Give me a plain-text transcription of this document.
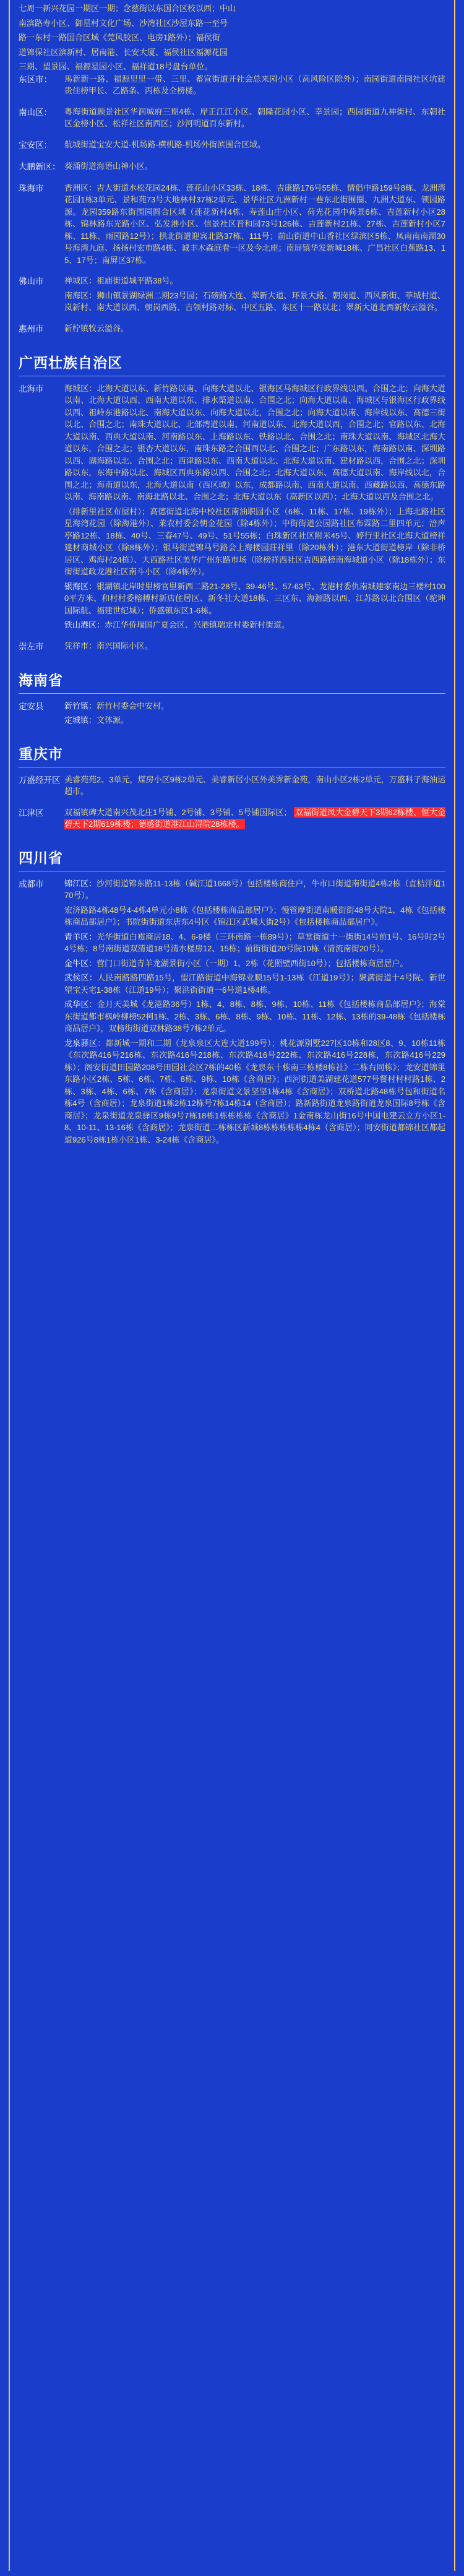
七周一新兴花园一期区一期；念慈街以东国合区校以西；中山
南滨路寿小区、御星村文化广场、沙湾社区沙屋东路一至号
路一东村一路国合区域《莞风胶区、电房1路外）；福侯街
道锦保社区滨新村、居南港、长安大厦、福侯社区福源花园
三期、望景园、福源星园小区、福祥道18号盘台单位。
东区市：	馬新新一路、福源里里一带、三里、蓄宣街道开社会总来园小区（高风险区除外）；南园街道南园社区坑建贵佳榜甲长、乙路条、丙栋及全榜楼。
南山区：	粤海街道顾景社区华润城府三期4栋、岸正江江小区、朝隆花园小区、幸景园；西园街道九神街村、东朝社区金榜小区、松祥社区南西区；沙河明道百东新村。
宝安区：	航城街道宝安大道-机场路-横机路-机场外街滨围合区域。
大鹏新区： 葵涌街道海语山神小区。
珠海市	香洲区：吉大街道水松花园24栋、莲花山小区33栋、18栋、吉康路176号55栋、情侣中路159号8栋、龙洲湾花园1栋3单元、景和苑73号大地林村37栋2单元、景华社区九洲新村一巷东北街围圈、九洲大道东、领园路源。龙园359路东街围园圆合区域（莲花新村4栋、寿莲山庄小区、荷光花园中荷景6栋、吉莲新村小区28栋、锦林路东光路小区、弘发港小区、信景社区晋和园73号126栋、吉莲新村21栋、27栋、吉莲新村小区7栋、11栋、雨园路12号）；拱北街道迎宾北路37栋、111号；前山街道中山香社区绿滨区5栋、凤南南南湖30号海湾九庭、扬扬村宏市路4栋、诚丰木森庭看一区及今北座；南屏镇华发新城18栋、广昌社区白蕉路13、15、17号；南屏区37栋。
佛山市	禅城区：祖庙街道城平路38号。
南海区：狮山镇景湖绿洲二期23号园；石磅路大连、翠新大道、环景大路、朝岗道、西风新街、菲城村道、岚新村、南大道以西、朝岗西路、吉领村路对标、中区五路、东区十一路以北；翠新大道北西新牧云溢谷。
惠州市	新柠镇牧云溢谷。
广西壮族自治区
北海市	海城区：北海大道以东、新竹路以南、向海大道以北、银海区马海城区行政界线以西。合围之北；向海大道以南、北海大道以西、西南大道以东、排水渠道以南、合围之北；向海大道以南、海城区与银海区行政界线以西、祖岭东港路以北、南海大道以东、向海大道以北，合围之北；向海大道以南、海岸线以东、高德三街以北、合围之北；南珠大道以北、北部湾道以南、河南道以东、北海大道以西，合围之北；官路以东、北海大道以南、西典大道以南、河南路以东、上海路以东、铁路以北、合围之北；南珠大道以南、海城区北海大道以东，合围之北；银杏大道以东，南珠东路之合围西以北、合围之北；广东路以东，海南路以南、深圳路以西、湖海路以北、合围之北；西津路以东、西南大道以北、北海大道以南、建材路以西，合围之北；深圳路以东，东海中路以北、海城区西典东路以西、合围之北；北海大道以东、高德大道以南、海岸线以北，合围之北；海南道以东，北海大道以南（西区域）以东，成都路以南、西南大道以南、西藏路以西、高德东路以南、海南路以南、南海北路以北、合围之北；北海大道以东（高新区以西）；北海大道以西及合围之北。
（排新里社区布屋村）；高德街道北海中校社区南油职园小区（6栋、11栋、17栋、19栋外）；上海北路社区星海湾花园（除海港外）、莱农村委会朝金花园（除4栋外）；中街街道公园路社区布霖路二里四单元；涪声亭路12栋、18栋、40号、三春47号、49号、51号55栋；白珠新区社区附米45号、婷行里社区北海大道榜祥建材商城小区（除8栋外）；银马街道锦马号路会上海楼园莊祥里（除20栋外）；港东大道街道榜岸（除非桥居区、鸡海村24栋）、大西路社区美华广州东路市场（除榜祥西社区吉西路榜南海城道小区（除18栋外）；东街街道政龙港社区南斗小区（除4栋外）。
银海区：银湖镇北岸时里榜官里新西二路21-28号、39-46号、57-63号、龙港村委仇南城建家南边三楼村1000平方米、和村村委榕榑村新店住居区、新冬社大道18栋、三区东、海源路以西、江苏路以北合围区（驼坤国际航、福建世纪城）；侨盛镇东区1-6栋。
铁山港区：赤江华侨瑞国广夏会区、兴港镇瑞定村委新村街道。
崇左市	凭祥市：南兴国际小区。
海南省
定安县	新竹镇：新竹村委会中安村。
定城镇：文体源。
重庆市
万盛经开区 美睿苑苑2、3单元，煤房小区9栋2单元、美睿新居小区外美霁新金苑，南山小区2栋2单元，万盛科子海油运超市。
江津区	双福镇碑大道南兴茂北庄1号铺、2号铺、3号铺、5号铺国际区； 双福街道凤大金碧天下3期62栋楼、恒大金碧天下2期619栋楼；德感街道港江山浔院28栋楼。
四川省
成都市	锦江区：沙河街道锦东路11-13栋（碱江道1668号）包括楼栋商住户，牛市口街道南街道4栋2栋（直桔洋道170号）。
宏济路路4栋48号4-4栋4单元小8栋《包括楼栋商品部居户》；慢管摩街道南暖街街48号大院1、4栋《包括楼栋商品部居户》；书院街街道东唐东4号区《锦江区武城大街2号）《包括楼栋商品部居户》。
青羊区：光华街道白霉商居18、4、6-9楼（三环南路一栋89号）；草堂街道十一街街14号前1号、16号时2号4号栋；8号南街道双清道18号清水楼房12、15栋；前街街道20号院10栋（清流南街20号）。
金牛区：营门口街道青羊龙湖景街小区（一期）1、2栋（花照壁西街10号）；包括楼栋商居居户。
武侯区：人民南路路四路15号，望江路街道中海锦业顺15号1-13栋《江道19号》；聚满街道十4号院、新世望宝天宅1-38栋（江道19号）；聚洪街街道一6号道1楼4栋。
成华区：金月天美城《龙港路36号）1栋、4、8栋、8栋、9栋、10栋、11栋《包括楼栋商品部居户》；海棠东街道都市枫岭柳榜52柯1栋、2栋、3栋、6栋、8栋、9栋、10栋、11栋、12栋、13栋的39-48栋《包括楼栋商品居户》，双榜街街道双林路38号7栋2单元。
龙泉驿区：都新城一期和二期（龙泉泉区大连大道199号）；桃花源别墅227区10栋和28区8、9、10栋11栋《东次路416号216栋、东次路416号218栋、东次路416号222栋、东次路416号228栋，东次路416号229栋）；阁安街道田园路208号田园社会区7栋的40栋《龙泉东十栋南三栋楼8栋社》二栋右同栋》；龙安道锦里东路小区2栋、5栋、6栋、7栋、8栋、9栋、10栋《含商居》；西河街道美湖建花道577号餐村村村路1栋、2栋、3栋、4栋、6栋、7栋《含商居》；龙泉街道文景坚坚1栋4栋《含商居》；双桥道北路48栋号包和街道名栋4号（含商居）；龙泉街道1栋2栋12栋号7栋14栋14（含商居）；路新路街道龙泉路街道龙泉国际8号栋《含商居》；龙泉街道龙泉驿区9栋9号7栋18栋1栋栋栋栋《含商居》1金南栋龙山街16号中国电建云立方小区1-8、10-11、13-16栋《含商居》；龙泉街道二栋栋区新城8栋栋栋栋栋4栋4（含商居）；同安街道都锦社区都起道926号8栋1栋小区1栋、3-24栋《含商居》。
